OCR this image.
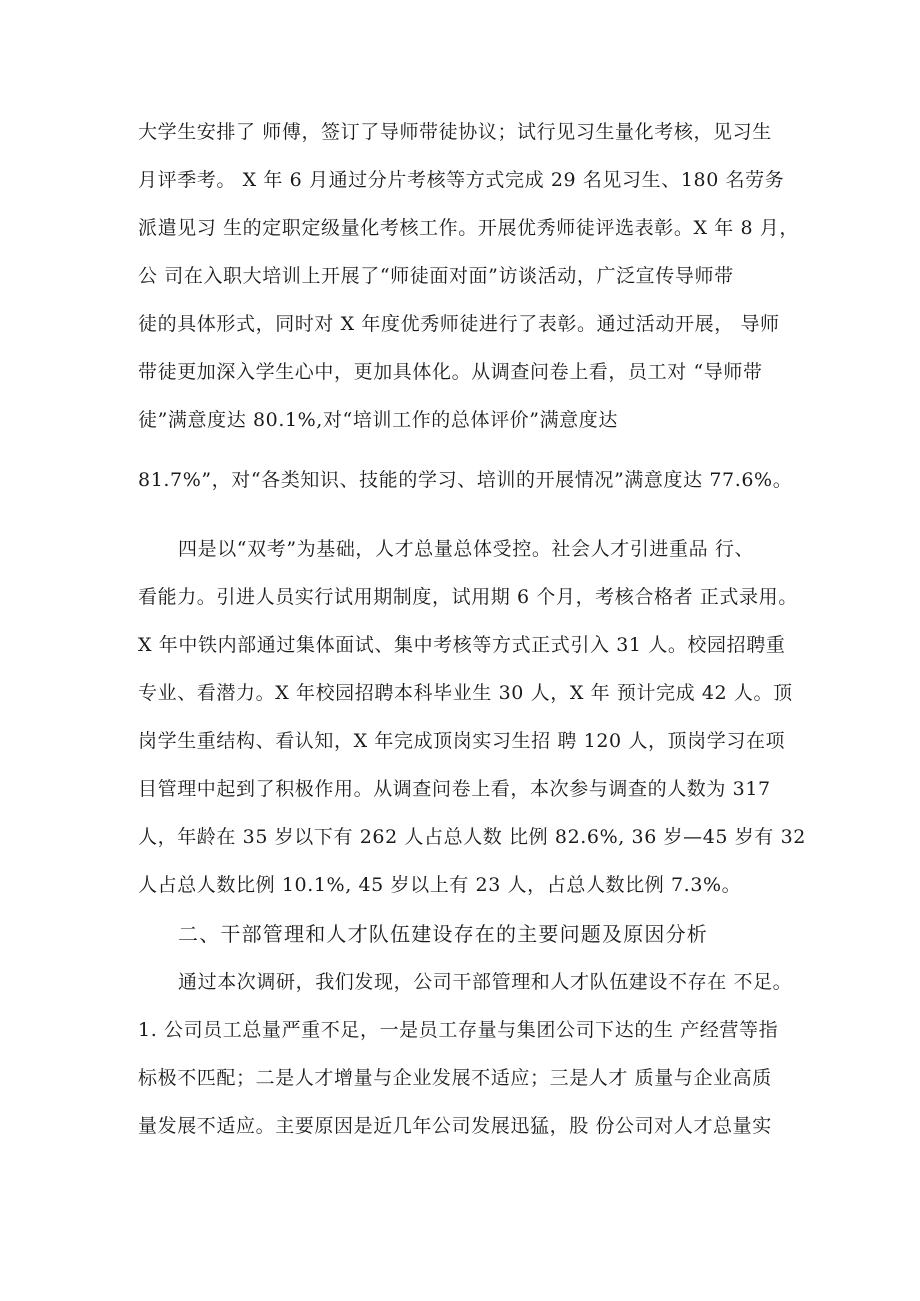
大学生安排了 师傅，签订了导师带徒协议；试行见习生量化考核，见习生
月评季考。 X 年 6 月通过分片考核等方式完成 29 名见习生、180 名劳务
派遣见习 生的定职定级量化考核工作。开展优秀师徒评选表彰。X 年 8 月，
公 司在入职大培训上开展了“师徒面对面”访谈活动，广泛宣传导师带
徒的具体形式，同时对 X 年度优秀师徒进行了表彰。通过活动开展， 导师
带徒更加深入学生心中，更加具体化。从调查问卷上看，员工对 “导师带
徒”满意度达 80.1%,对“培训工作的总体评价”满意度达
81.7%”，对“各类知识、技能的学习、培训的开展情况”满意度达 77.6%。
四是以“双考”为基础，人才总量总体受控。社会人才引进重品 行、
看能力。引进人员实行试用期制度，试用期 6 个月，考核合格者 正式录用。
X 年中铁内部通过集体面试、集中考核等方式正式引入 31 人。校园招聘重
专业、看潜力。X 年校园招聘本科毕业生 30 人，X 年 预计完成 42 人。顶
岗学生重结构、看认知，X 年完成顶岗实习生招 聘 120 人，顶岗学习在项
目管理中起到了积极作用。从调查问卷上看，本次参与调查的人数为 317
人，年龄在 35 岁以下有 262 人占总人数 比例 82.6%, 36 岁—45 岁有 32
人占总人数比例 10.1%, 45 岁以上有 23 人，占总人数比例 7.3%。
二、干部管理和人才队伍建设存在的主要问题及原因分析
通过本次调研，我们发现，公司干部管理和人才队伍建设不存在 不足。
1. 公司员工总量严重不足，一是员工存量与集团公司下达的生 产经营等指
标极不匹配；二是人才增量与企业发展不适应；三是人才 质量与企业高质
量发展不适应。主要原因是近几年公司发展迅猛，股 份公司对人才总量实
